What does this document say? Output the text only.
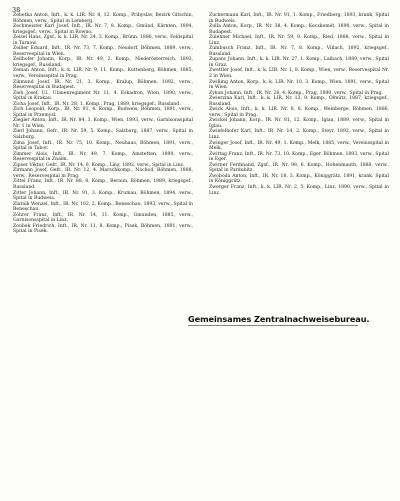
38

Zebetka Anton, Inft., k. k. LIR. Nr. 8, 12. Komp., Pribyslav, Bezirk Gitschin, Böhmen, verw., Spital in Lemberg.

Zechmeister Karl Josef, Inft., IR. Nr. 7, 8. Komp., Gmünd, Kärnten, 1894, kriegsgef., verw., Spital in Rowno.

Zeisel Hans, Zgsf., k. k. LIR. Nr. 24, 3. Komp., Brünn, 1886, verw., Feldspital in Tarnow.

Zeiller Eduard, Inft., IR. Nr. 73, 7. Komp., Neudorf, Böhmen, 1889, verw., Reservespital in Wien.

Zeilhofer Johann, Korp., IR. Nr. 49, 2. Komp., Niederösterreich, 1893, kriegsgef., Russland.

Zeman Anton, Inft., k. k. LIR. Nr. 9, 11. Komp., Kuttenberg, Böhmen, 1885, verw., Vereinsspital in Prag.

Zikmund Josef, IR. Nr. 21, 3. Komp., Kralup, Böhmen, 1892, verw., Reservespital in Budapest.

Zieh Josef, Ul., Ulanenregiment Nr. 11, 4. Eskadron, Wien, 1890, verw., Spital in Krakau.

Zicha Josef, Inft., IR. Nr. 28, 1. Komp., Prag, 1889, kriegsgef., Russland.

Zich Leopold, Korp., IR. Nr. 91, 4. Komp., Budweis, Böhmen, 1891, verw., Spital in Przemysl.

Ziegler Anton, Inft., IR. Nr. 84, 3. Komp., Wien, 1893, verw., Garnisonsspital Nr. 1 in Wien.

Zierl Johann, Gefr., IR. Nr. 59, 5. Komp., Salzburg, 1887, verw., Spital in Salzburg.

Zima Josef, Inft., IR. Nr. 75, 10. Komp., Neuhaus, Böhmen, 1891, verw., Spital in Tabor.

Zimmer Alois, Inft., IR. Nr. 49, 7. Komp., Amstetten, 1890, verw., Reservespital in Znaim.

Zipser Viktor, Gefr., IR. Nr. 14, 6. Komp., Linz, 1892, verw., Spital in Linz.

Zirmann Josef, Gefr., IR. Nr. 12, 4. Marschkomp., Nachod, Böhmen, 1888, verw., Reservespital in Prag.

Zittel Franz, Inft., IR. Nr. 88, 8. Komp., Beraun, Böhmen, 1889, kriegsgef., Russland.

Zitter Johann, Inft., IR. Nr. 91, 3. Komp., Krumau, Böhmen, 1894, verw., Spital in Budweis.

Zlatnik Wenzel, Inft., IR. Nr. 102, 2. Komp., Beneschau, 1893, verw., Spital in Beneschau.

Zöhrer Franz, Inft., IR. Nr. 14, 11. Komp., Gmunden, 1885, verw., Garnisonsspital in Linz.

Zoubek Friedrich, Inft., IR. Nr. 11, 8. Komp., Pisek, Böhmen, 1891, verw., Spital in Pisek.

Zuckermann Karl, Inft., IR. Nr. 91, 1. Komp., Friedberg, 1893, krank, Spital in Budweis.

Zulla Anton, Korp., IR. Nr. 38, 4. Komp., Kecskemét, 1890, verw., Spital in Budapest.

Zulehner Michael, Inft., IR. Nr. 59, 9. Komp., Ried, 1888, verw., Spital in Linz.

Zumbusch Franz, Inft., IR. Nr. 7, 8. Komp., Villach, 1892, kriegsgef., Russland.

Zupanc Johann, Inft., k. k. LIR. Nr. 27, 1. Komp., Laibach, 1889, verw., Spital in Graz.

Zwettler Josef, Inft., k. k. LIR. Nr. 1, 8. Komp., Wien, verw., Reservespital Nr. 2 in Wien.

Zwilling Anton, Korp., k. k. LIR. Nr. 10, 3. Komp., Wien, 1891, verw., Spital in Wien.

Zykan Johann, Inft., IR. Nr. 28, 4. Komp., Prag, 1890, verw., Spital in Prag.

Zwierzina Karl, Inft., k. k. LIR. Nr. 13, 9. Komp., Olmütz, 1887, kriegsgef., Russland.

Zwick Alois, Inft., k. k. LIR. Nr. 8, 8. Komp., Weinberge, Böhmen, 1886, verw., Spital in Prag.

Zwickel Johann, Korp., IR. Nr. 81, 12. Komp., Iglau, 1889, verw., Spital in Iglau.

Zwiefelhofer Karl, Inft., IR. Nr. 14, 2. Komp., Steyr, 1892, verw., Spital in Linz.

Zwinger Josef, Inft., IR. Nr. 49, 1. Komp., Melk, 1885, verw., Vereinsspital in Melk.

Zwittag Franz, Inft., IR. Nr. 73, 10. Komp., Eger, Böhmen, 1893, verw., Spital in Eger.

Zwirner Ferdinand, Zgsf., IR. Nr. 98, 6. Komp., Hohenmauth, 1888, verw., Spital in Pardubitz.

Zwoboda Anton, Inft., IR. Nr. 18, 3. Komp., Königgrätz, 1891, krank, Spital in Königgrätz.

Zwerger Franz, Inft., k. k. LIR. Nr. 2, 5. Komp., Linz, 1890, verw., Spital in Linz.

Gemeinsames Zentralnachweisebureau.
